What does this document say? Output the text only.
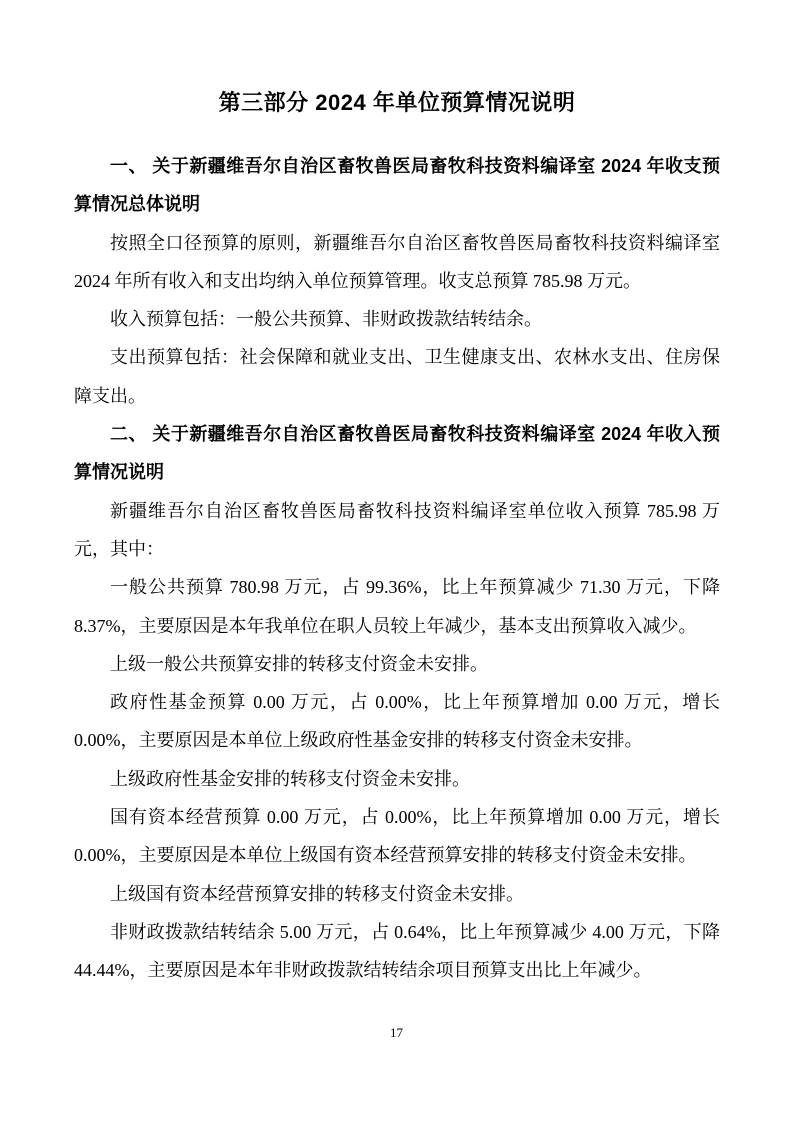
第三部分 2024 年单位预算情况说明
一、 关于新疆维吾尔自治区畜牧兽医局畜牧科技资料编译室 2024 年收支预算情况总体说明

按照全口径预算的原则，新疆维吾尔自治区畜牧兽医局畜牧科技资料编译室 2024 年所有收入和支出均纳入单位预算管理。收支总预算 785.98 万元。

收入预算包括：一般公共预算、非财政拨款结转结余。

支出预算包括：社会保障和就业支出、卫生健康支出、农林水支出、住房保障支出。

二、 关于新疆维吾尔自治区畜牧兽医局畜牧科技资料编译室 2024 年收入预算情况说明

新疆维吾尔自治区畜牧兽医局畜牧科技资料编译室单位收入预算 785.98 万元，其中：

一般公共预算 780.98 万元，占 99.36%，比上年预算减少 71.30 万元，下降 8.37%，主要原因是本年我单位在职人员较上年减少，基本支出预算收入减少。

上级一般公共预算安排的转移支付资金未安排。

政府性基金预算 0.00 万元，占 0.00%，比上年预算增加 0.00 万元，增长 0.00%，主要原因是本单位上级政府性基金安排的转移支付资金未安排。

上级政府性基金安排的转移支付资金未安排。

国有资本经营预算 0.00 万元，占 0.00%，比上年预算增加 0.00 万元，增长 0.00%，主要原因是本单位上级国有资本经营预算安排的转移支付资金未安排。

上级国有资本经营预算安排的转移支付资金未安排。

非财政拨款结转结余 5.00 万元，占 0.64%，比上年预算减少 4.00 万元，下降 44.44%，主要原因是本年非财政拨款结转结余项目预算支出比上年减少。

17
